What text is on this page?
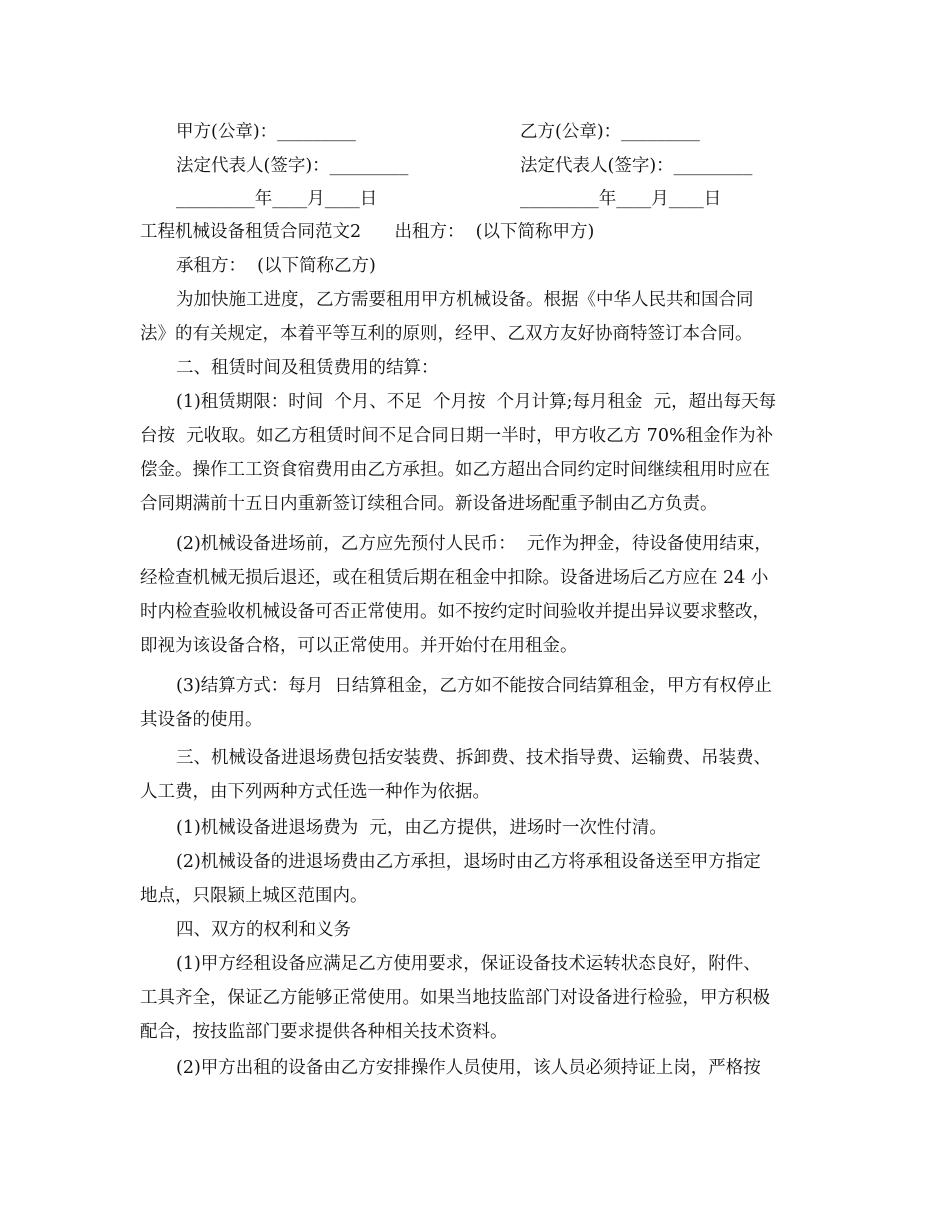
甲方(公章)：_________	乙方(公章)：_________
法定代表人(签字)：_________	法定代表人(签字)：_________
_________年____月____日	_________年____月____日
工程机械设备租赁合同范文2      出租方：  (以下简称甲方)
承租方：  (以下简称乙方)
为加快施工进度，乙方需要租用甲方机械设备。根据《中华人民共和国合同
法》的有关规定，本着平等互利的原则，经甲、乙双方友好协商特签订本合同。
二、租赁时间及租赁费用的结算：
(1)租赁期限：时间  个月、不足  个月按  个月计算;每月租金  元，超出每天每
台按  元收取。如乙方租赁时间不足合同日期一半时，甲方收乙方 70%租金作为补
偿金。操作工工资食宿费用由乙方承担。如乙方超出合同约定时间继续租用时应在
合同期满前十五日内重新签订续租合同。新设备进场配重予制由乙方负责。
(2)机械设备进场前，乙方应先预付人民币：  元作为押金，待设备使用结束，
经检查机械无损后退还，或在租赁后期在租金中扣除。设备进场后乙方应在 24 小
时内检查验收机械设备可否正常使用。如不按约定时间验收并提出异议要求整改，
即视为该设备合格，可以正常使用。并开始付在用租金。
(3)结算方式：每月  日结算租金，乙方如不能按合同结算租金，甲方有权停止
其设备的使用。
三、机械设备进退场费包括安装费、拆卸费、技术指导费、运输费、吊装费、
人工费，由下列两种方式任选一种作为依据。
(1)机械设备进退场费为  元，由乙方提供，进场时一次性付清。
(2)机械设备的进退场费由乙方承担，退场时由乙方将承租设备送至甲方指定
地点，只限颍上城区范围内。
四、双方的权利和义务
(1)甲方经租设备应满足乙方使用要求，保证设备技术运转状态良好，附件、
工具齐全，保证乙方能够正常使用。如果当地技监部门对设备进行检验，甲方积极
配合，按技监部门要求提供各种相关技术资料。
(2)甲方出租的设备由乙方安排操作人员使用，该人员必须持证上岗，严格按
